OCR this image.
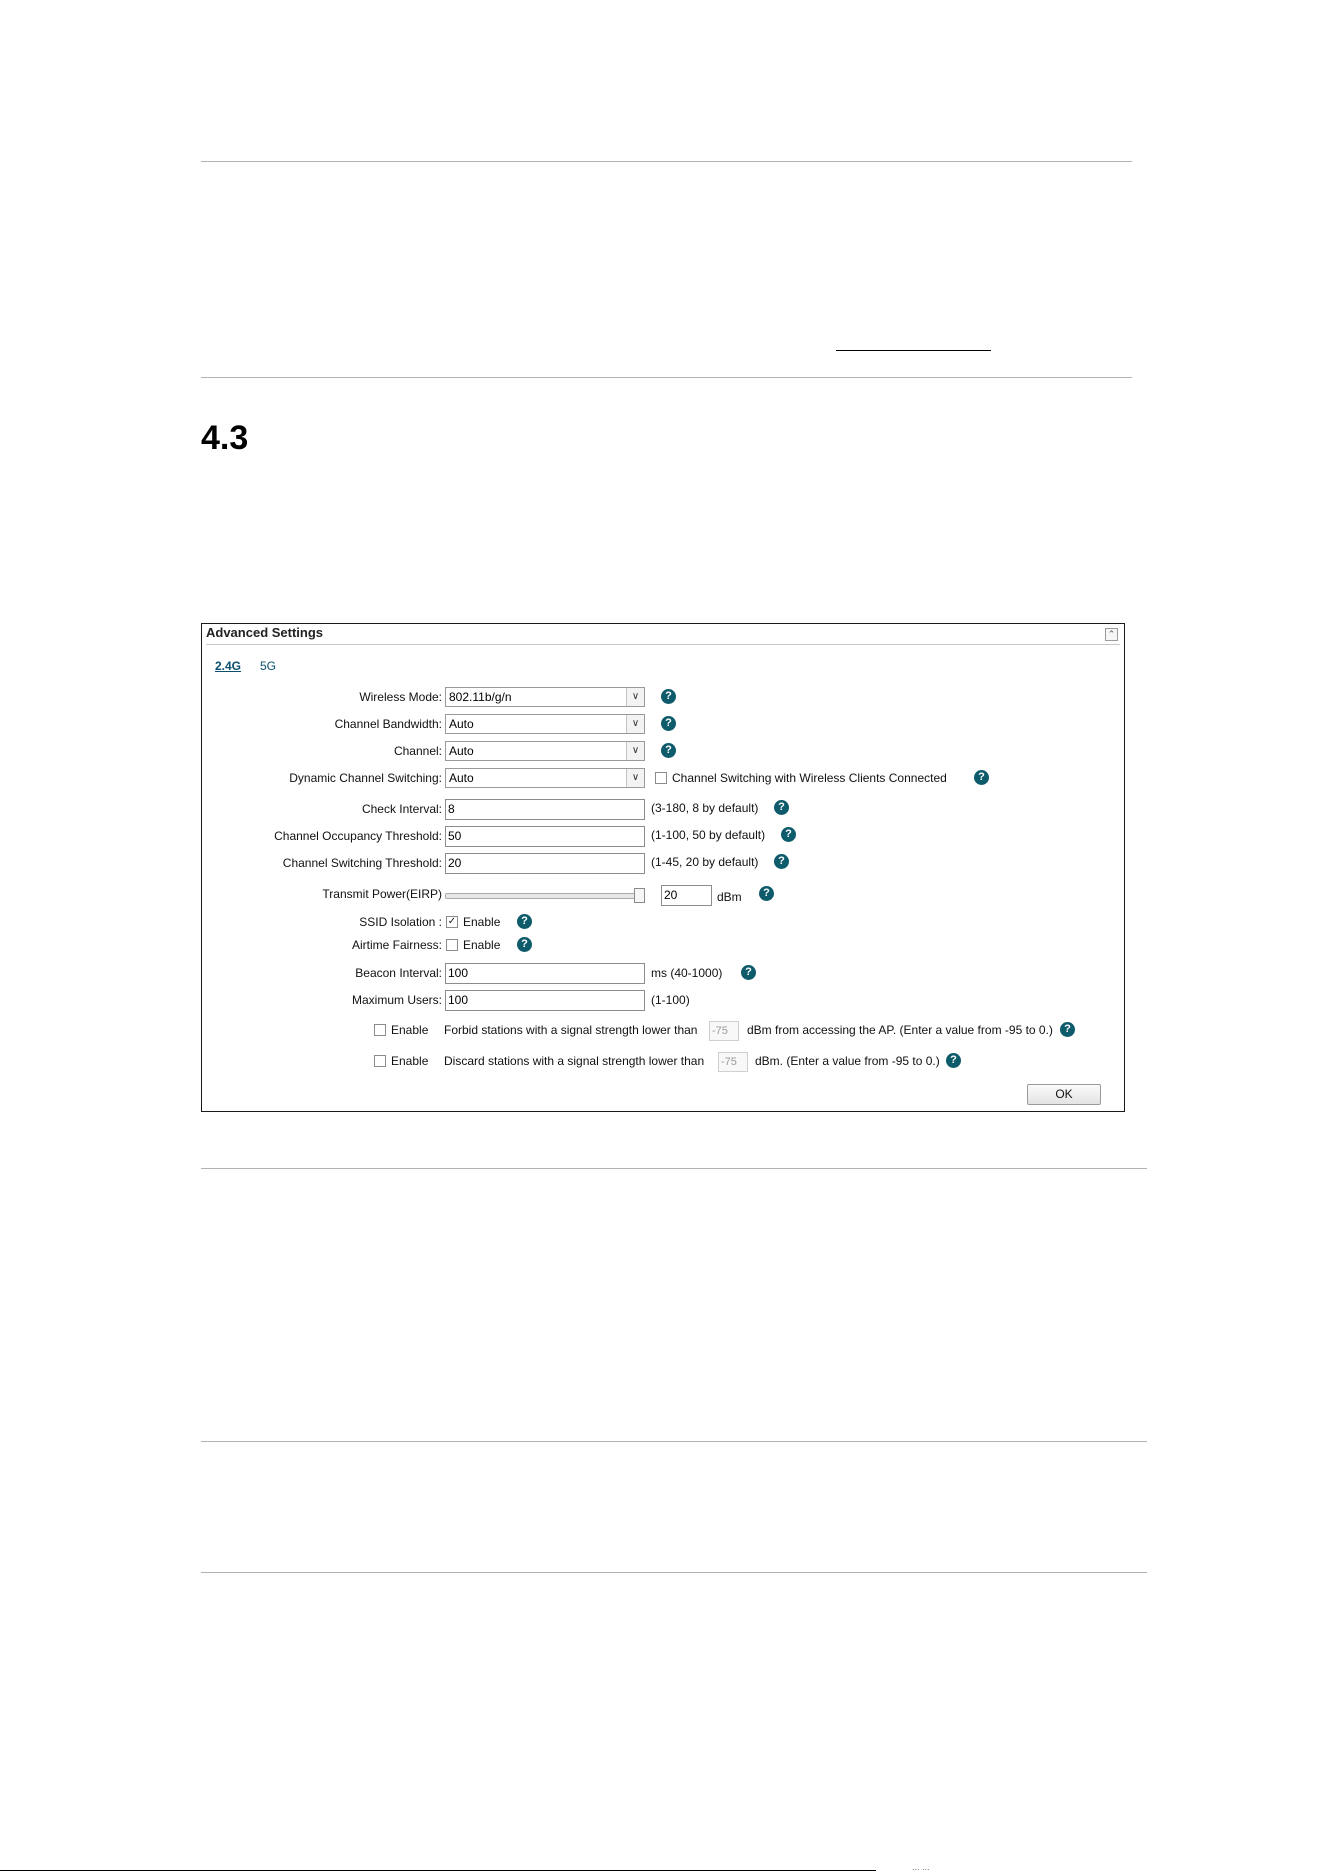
4.3
Advanced Settings	⌃
2.4G 5G
Wireless Mode: 802.11b/g/n	∨	?
Channel Bandwidth: Auto	∨	?
Channel: Auto	∨	?
Dynamic Channel Switching: Auto	∨	Channel Switching with Wireless Clients Connected	?
Check Interval: 8	(3-180, 8 by default)	?
Channel Occupancy Threshold: 50	(1-100, 50 by default)	?
Channel Switching Threshold: 20	(1-45, 20 by default)	?
Transmit Power(EIRP)	20	dBm	?
SSID Isolation : ✓ Enable	?
Airtime Fairness: Enable	?
Beacon Interval: 100	ms (40-1000)	?
Maximum Users: 100	(1-100)
Enable Forbid stations with a signal strength lower than -75	dBm from accessing the AP. (Enter a value from -95 to 0.)	?
Enable Discard stations with a signal strength lower than -75	dBm. (Enter a value from -95 to 0.) ?
OK
... ...
